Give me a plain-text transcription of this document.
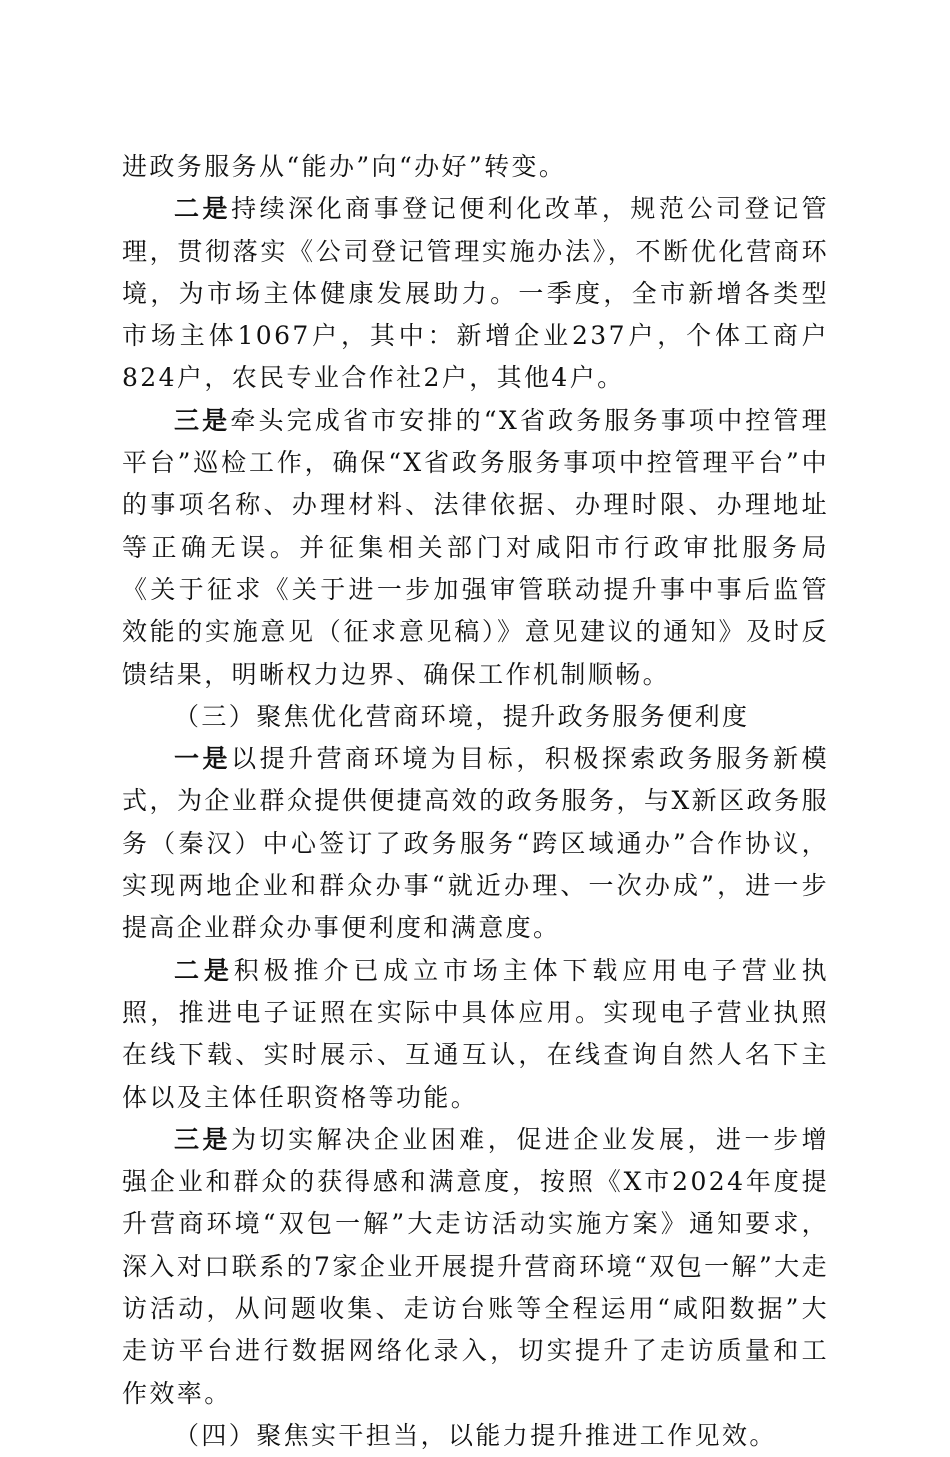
进政务服务从“能办”向“办好”转变。

二是持续深化商事登记便利化改革，规范公司登记管理，贯彻落实《公司登记管理实施办法》，不断优化营商环境，为市场主体健康发展助力。一季度，全市新增各类型市场主体1067户，其中：新增企业237户，个体工商户824户，农民专业合作社2户，其他4户。

三是牵头完成省市安排的“X省政务服务事项中控管理平台”巡检工作，确保“X省政务服务事项中控管理平台”中的事项名称、办理材料、法律依据、办理时限、办理地址等正确无误。并征集相关部门对咸阳市行政审批服务局《关于征求《关于进一步加强审管联动提升事中事后监管效能的实施意见（征求意见稿）》意见建议的通知》及时反馈结果，明晰权力边界、确保工作机制顺畅。

（三）聚焦优化营商环境，提升政务服务便利度

一是以提升营商环境为目标，积极探索政务服务新模式，为企业群众提供便捷高效的政务服务，与X新区政务服务（秦汉）中心签订了政务服务“跨区域通办”合作协议，实现两地企业和群众办事“就近办理、一次办成”，进一步提高企业群众办事便利度和满意度。

二是积极推介已成立市场主体下载应用电子营业执照，推进电子证照在实际中具体应用。实现电子营业执照在线下载、实时展示、互通互认，在线查询自然人名下主体以及主体任职资格等功能。

三是为切实解决企业困难，促进企业发展，进一步增强企业和群众的获得感和满意度，按照《X市2024年度提升营商环境“双包一解”大走访活动实施方案》通知要求，深入对口联系的7家企业开展提升营商环境“双包一解”大走访活动，从问题收集、走访台账等全程运用“咸阳数据”大走访平台进行数据网络化录入，切实提升了走访质量和工作效率。

（四）聚焦实干担当，以能力提升推进工作见效。
